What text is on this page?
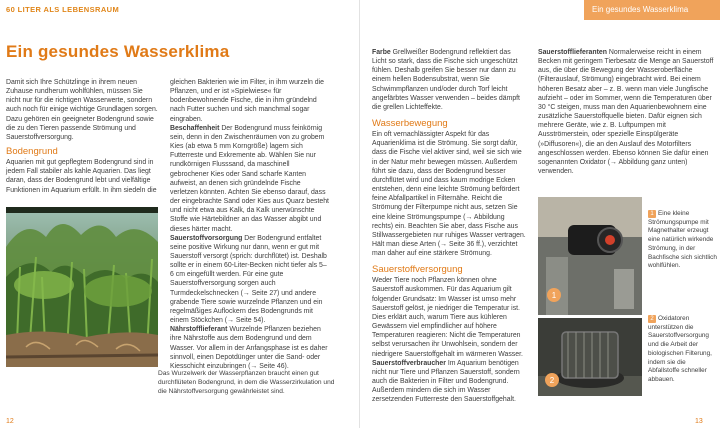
60 LITER ALS LEBENSRAUM
Ein gesundes Wasserklima

Damit sich Ihre Schützlinge in ihrem neuen Zuhause rundherum wohlfühlen, müssen Sie nicht nur für die richtigen Wasserwerte, sondern auch noch für einige wichtige Grundlagen sorgen. Dazu gehören ein geeigneter Bodengrund sowie die zu den Tieren passende Strömung und Sauerstoffversorgung.

Bodengrund

Aquarien mit gut gepflegtem Bodengrund sind in jedem Fall stabiler als kahle Aquarien. Das liegt daran, dass der Bodengrund lebt und vielfältige Funktionen im Aquarium erfüllt. In ihm siedeln die

gleichen Bakterien wie im Filter, in ihm wurzeln die Pflanzen, und er ist »Spielwiese« für bodenbewohnende Fische, die in ihm gründelnd nach Futter suchen und sich manchmal sogar eingraben.

Beschaffenheit Der Bodengrund muss feinkörnig sein, denn in den Zwischenräumen von zu grobem Kies (ab etwa 5 mm Korngröße) lagern sich Futterreste und Exkremente ab. Wählen Sie nur rundkörnigen Flusssand, da maschinell gebrochener Kies oder Sand scharfe Kanten aufweist, an denen sich gründelnde Fische verletzen könnten. Achten Sie ebenso darauf, dass der eingebrachte Sand oder Kies aus Quarz besteht und nicht etwa aus Kalk, da Kalk unerwünschte Stoffe wie Härtebildner an das Wasser abgibt und dieses härter macht.

Sauerstoffvorsorgung Der Bodengrund entfaltet seine positive Wirkung nur dann, wenn er gut mit Sauerstoff versorgt (sprich: durchflütet) ist. Deshalb sollte er in einem 60-Liter-Becken nicht tiefer als 5–6 cm eingefüllt werden. Für eine gute Sauerstoffversorgung sorgen auch Turmdeckelschnecken (→ Seite 27) und andere grabende Tiere sowie wurzelnde Pflanzen und ein regelmäßiges Auflockern des Bodengrunds mit einem Stöckchen (→ Seite 54).

Nährstofflieferant Wurzelnde Pflanzen beziehen ihre Nährstoffe aus dem Bodengrund und dem Wasser. Vor allem in der Anfangsphase ist es daher sinnvoll, einen Depotdünger unter die Sand- oder Kiesschicht einzubringen (→ Seite 46).

Das Wurzelwerk der Wasserpflanzen braucht einen gut durchflüteten Bodengrund, in dem die Wasserzirkulation und die Nährstoffversorgung gewährleistet sind.
12
Ein gesundes Wasserklima

Farbe Grellweißer Bodengrund reflektiert das Licht so stark, dass die Fische sich ungeschützt fühlen. Deshalb greifen Sie besser nur dann zu einem hellen Bodensubstrat, wenn Sie Schwimmpflanzen und/oder durch Torf leicht angefärbtes Wasser verwenden – beides dämpft die grellen Lichteffekte.

Wasserbewegung

Ein oft vernachlässigter Aspekt für das Aquarienklima ist die Strömung. Sie sorgt dafür, dass die Fische viel aktiver sind, weil sie sich wie in der Natur mehr bewegen müssen. Außerdem führt sie dazu, dass der Bodengrund besser durchflütet wird und dass kaum modrige Ecken entstehen, denn eine leichte Strömung befördert feine Abfallpartikel in Filternähe. Reicht die Strömung der Filterpumpe nicht aus, setzen Sie eine kleine Strömungspumpe (→ Abbildung rechts) ein. Beachten Sie aber, dass Fische aus Stillwassergebieten nur ruhiges Wasser vertragen. Hält man diese Arten (→ Seite 36 ff.), verzichtet man daher auf eine stärkere Strömung.

Sauerstoffversorgung

Weder Tiere noch Pflanzen können ohne Sauerstoff auskommen. Für das Aquarium gilt folgender Grundsatz: Im Wasser ist umso mehr Sauerstoff gelöst, je niedriger die Temperatur ist. Dies erklärt auch, warum Tiere aus kühleren Gewässern viel empfindlicher auf höhere Temperaturen reagieren: Nicht die Temperaturen selbst verursachen ihr Unwohlsein, sondern der niedrigere Sauerstoffgehalt im wärmeren Wasser.

Sauerstoffverbraucher Im Aquarium benötigen nicht nur Tiere und Pflanzen Sauerstoff, sondern auch die Bakterien in Filter und Bodengrund. Außerdem mindern die sich im Wasser zersetzenden Futterreste den Sauerstoffgehalt.

Sauerstofflieferanten Normalerweise reicht in einem Becken mit geringem Tierbesatz die Menge an Sauerstoff aus, die über die Bewegung der Wasseroberfläche (Filterauslauf, Strömung) eingebracht wird. Bei einem höheren Besatz aber – z. B. wenn man viele Jungfische aufzieht – oder im Sommer, wenn die Temperaturen über 30 °C steigen, muss man den Aquarienbewohnern eine zusätzliche Sauerstoffquelle bieten. Dafür eignen sich mehrere Geräte, wie z. B. Luftpumpen mit Ausströmerstein, oder spezielle Einspülgeräte (»Diffusoren«), die an den Auslauf des Motorfilters angeschlossen werden. Ebenso können Sie dafür einen sogenannten Oxidator (→ Abbildung ganz unten) verwenden.

1
2
1 Eine kleine Strömungspumpe mit Magnethalter erzeugt eine natürlich wirkende Strömung, in der Bachfische sich sichtlich wohlfühlen.
2 Oxidatoren unterstützen die Sauerstoffversorgung und die Arbeit der biologischen Filterung, indem sie die Abfallstoffe schneller abbauen.
13
